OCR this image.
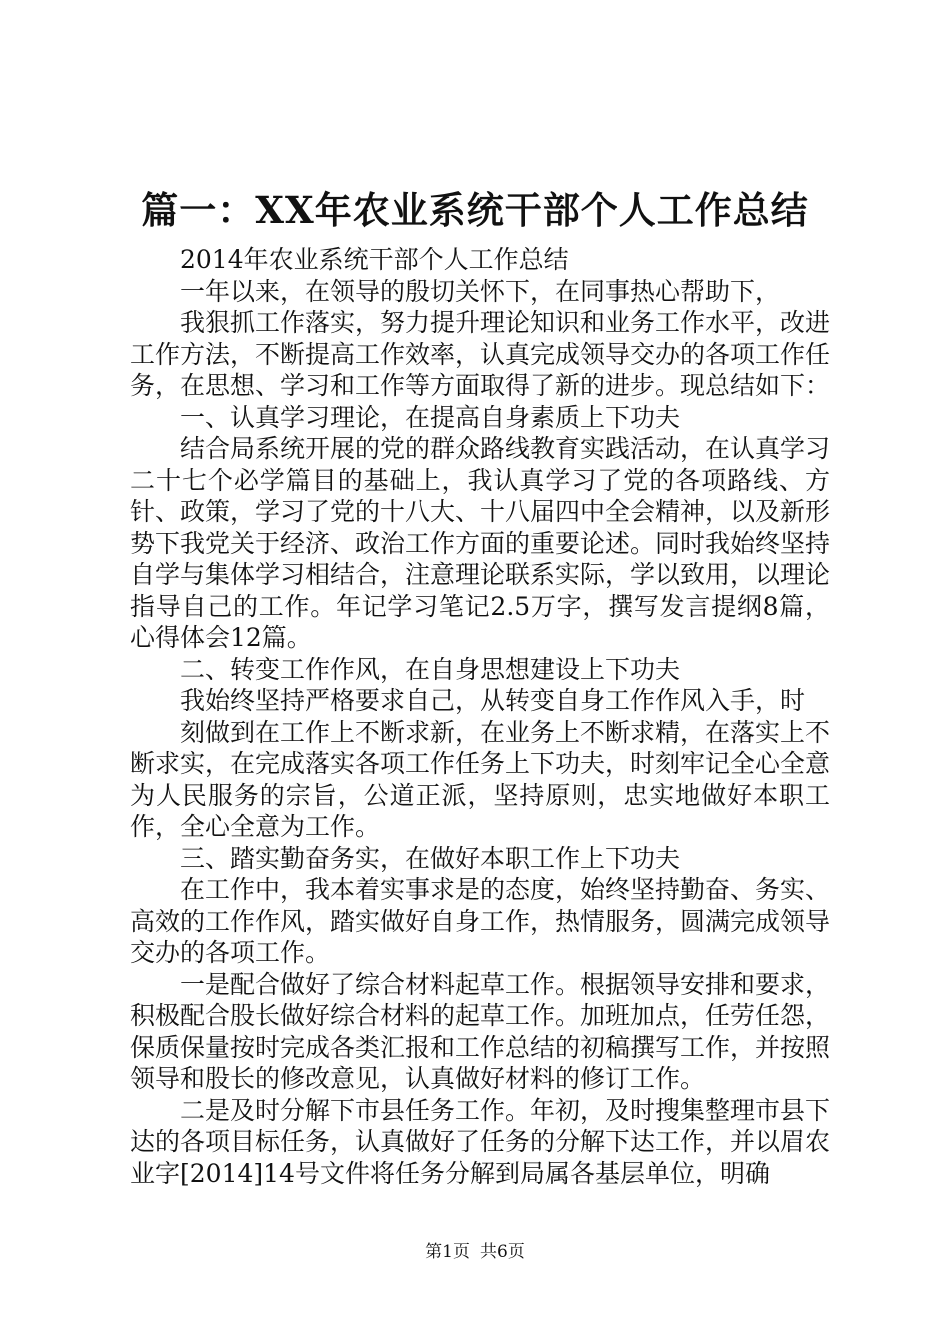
篇一：XX年农业系统干部个人工作总结

2014年农业系统干部个人工作总结

一年以来，在领导的殷切关怀下，在同事热心帮助下，

我狠抓工作落实，努力提升理论知识和业务工作水平，改进工作方法，不断提高工作效率，认真完成领导交办的各项工作任务，在思想、学习和工作等方面取得了新的进步。现总结如下：

一、认真学习理论，在提高自身素质上下功夫

结合局系统开展的党的群众路线教育实践活动，在认真学习二十七个必学篇目的基础上，我认真学习了党的各项路线、方针、政策，学习了党的十八大、十八届四中全会精神，以及新形势下我党关于经济、政治工作方面的重要论述。同时我始终坚持自学与集体学习相结合，注意理论联系实际，学以致用，以理论指导自己的工作。年记学习笔记2.5万字，撰写发言提纲8篇，心得体会12篇。

二、转变工作作风，在自身思想建设上下功夫

我始终坚持严格要求自己，从转变自身工作作风入手，时

刻做到在工作上不断求新，在业务上不断求精，在落实上不断求实，在完成落实各项工作任务上下功夫，时刻牢记全心全意为人民服务的宗旨，公道正派，坚持原则，忠实地做好本职工作，全心全意为工作。

三、踏实勤奋务实，在做好本职工作上下功夫

在工作中，我本着实事求是的态度，始终坚持勤奋、务实、高效的工作作风，踏实做好自身工作，热情服务，圆满完成领导交办的各项工作。

一是配合做好了综合材料起草工作。根据领导安排和要求，积极配合股长做好综合材料的起草工作。加班加点，任劳任怨，保质保量按时完成各类汇报和工作总结的初稿撰写工作，并按照领导和股长的修改意见，认真做好材料的修订工作。

二是及时分解下市县任务工作。年初，及时搜集整理市县下达的各项目标任务，认真做好了任务的分解下达工作，并以眉农业字[2014]14号文件将任务分解到局属各基层单位，明确

第1页 共6页
